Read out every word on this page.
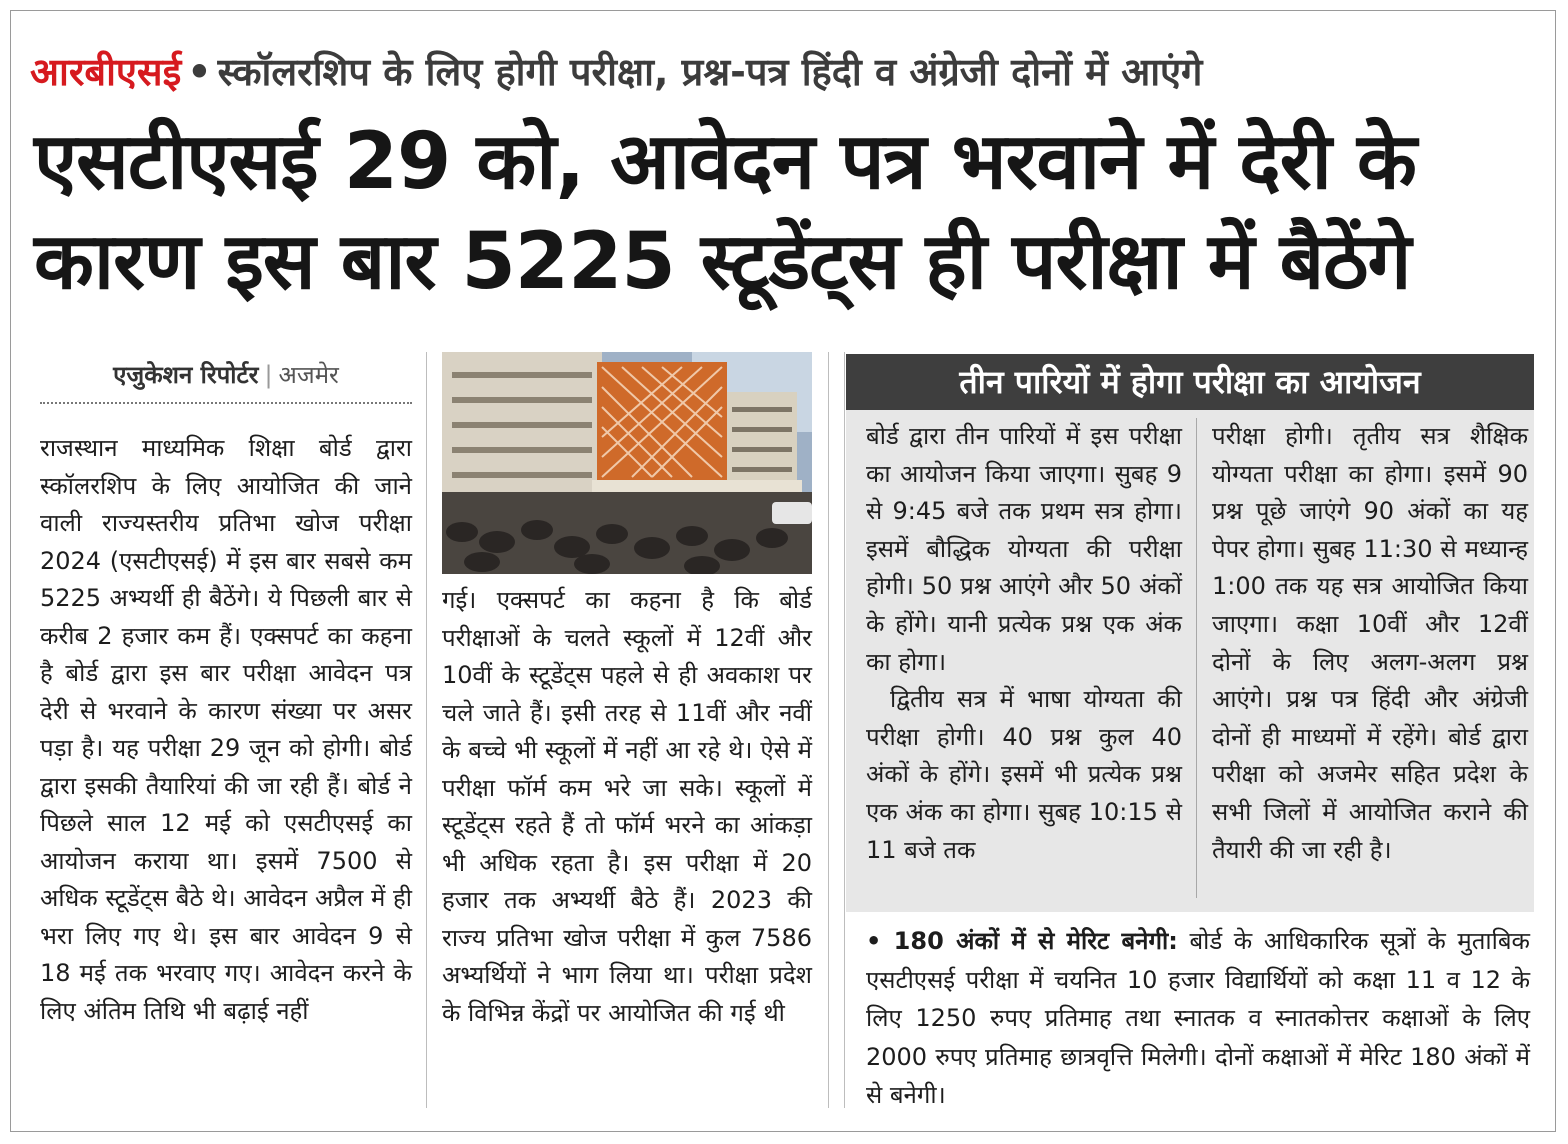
आरबीएसई • स्कॉलरशिप के लिए होगी परीक्षा, प्रश्न-पत्र हिंदी व अंग्रेजी दोनों में आएंगे
एसटीएसई 29 को, आवेदन पत्र भरवाने में देरी के
कारण इस बार 5225 स्टूडेंट्स ही परीक्षा में बैठेंगे
एजुकेशन रिपोर्टर | अजमेर
राजस्थान माध्यमिक शिक्षा बोर्ड द्वारा स्कॉलरशिप के लिए आयोजित की जाने वाली राज्यस्तरीय प्रतिभा खोज परीक्षा 2024 (एसटीएसई) में इस बार सबसे कम 5225 अभ्यर्थी ही बैठेंगे। ये पिछली बार से करीब 2 हजार कम हैं। एक्सपर्ट का कहना है बोर्ड द्वारा इस बार परीक्षा आवेदन पत्र देरी से भरवाने के कारण संख्या पर असर पड़ा है। यह परीक्षा 29 जून को होगी। बोर्ड द्वारा इसकी तैयारियां की जा रही हैं। बोर्ड ने पिछले साल 12 मई को एसटीएसई का आयोजन कराया था। इसमें 7500 से अधिक स्टूडेंट्स बैठे थे। आवेदन अप्रैल में ही भरा लिए गए थे। इस बार आवेदन 9 से 18 मई तक भरवाए गए। आवेदन करने के लिए अंतिम तिथि भी बढ़ाई नहीं
गई। एक्सपर्ट का कहना है कि बोर्ड परीक्षाओं के चलते स्कूलों में 12वीं और 10वीं के स्टूडेंट्स पहले से ही अवकाश पर चले जाते हैं। इसी तरह से 11वीं और नवीं के बच्चे भी स्कूलों में नहीं आ रहे थे। ऐसे में परीक्षा फॉर्म कम भरे जा सके। स्कूलों में स्टूडेंट्स रहते हैं तो फॉर्म भरने का आंकड़ा भी अधिक रहता है। इस परीक्षा में 20 हजार तक अभ्यर्थी बैठे हैं। 2023 की राज्य प्रतिभा खोज परीक्षा में कुल 7586 अभ्यर्थियों ने भाग लिया था। परीक्षा प्रदेश के विभिन्न केंद्रों पर आयोजित की गई थी
तीन पारियों में होगा परीक्षा का आयोजन

बोर्ड द्वारा तीन पारियों में इस परीक्षा का आयोजन किया जाएगा। सुबह 9 से 9:45 बजे तक प्रथम सत्र होगा। इसमें बौद्धिक योग्यता की परीक्षा होगी। 50 प्रश्न आएंगे और 50 अंकों के होंगे। यानी प्रत्येक प्रश्न एक अंक का होगा।

द्वितीय सत्र में भाषा योग्यता की परीक्षा होगी। 40 प्रश्न कुल 40 अंकों के होंगे। इसमें भी प्रत्येक प्रश्न एक अंक का होगा। सुबह 10:15 से 11 बजे तक

परीक्षा होगी। तृतीय सत्र शैक्षिक योग्यता परीक्षा का होगा। इसमें 90 प्रश्न पूछे जाएंगे 90 अंकों का यह पेपर होगा। सुबह 11:30 से मध्यान्ह 1:00 तक यह सत्र आयोजित किया जाएगा। कक्षा 10वीं और 12वीं दोनों के लिए अलग-अलग प्रश्न आएंगे। प्रश्न पत्र हिंदी और अंग्रेजी दोनों ही माध्यमों में रहेंगे। बोर्ड द्वारा परीक्षा को अजमेर सहित प्रदेश के सभी जिलों में आयोजित कराने की तैयारी की जा रही है।

• 180 अंकों में से मेरिट बनेगी: बोर्ड के आधिकारिक सूत्रों के मुताबिक एसटीएसई परीक्षा में चयनित 10 हजार विद्यार्थियों को कक्षा 11 व 12 के लिए 1250 रुपए प्रतिमाह तथा स्नातक व स्नातकोत्तर कक्षाओं के लिए 2000 रुपए प्रतिमाह छात्रवृत्ति मिलेगी। दोनों कक्षाओं में मेरिट 180 अंकों में से बनेगी।
